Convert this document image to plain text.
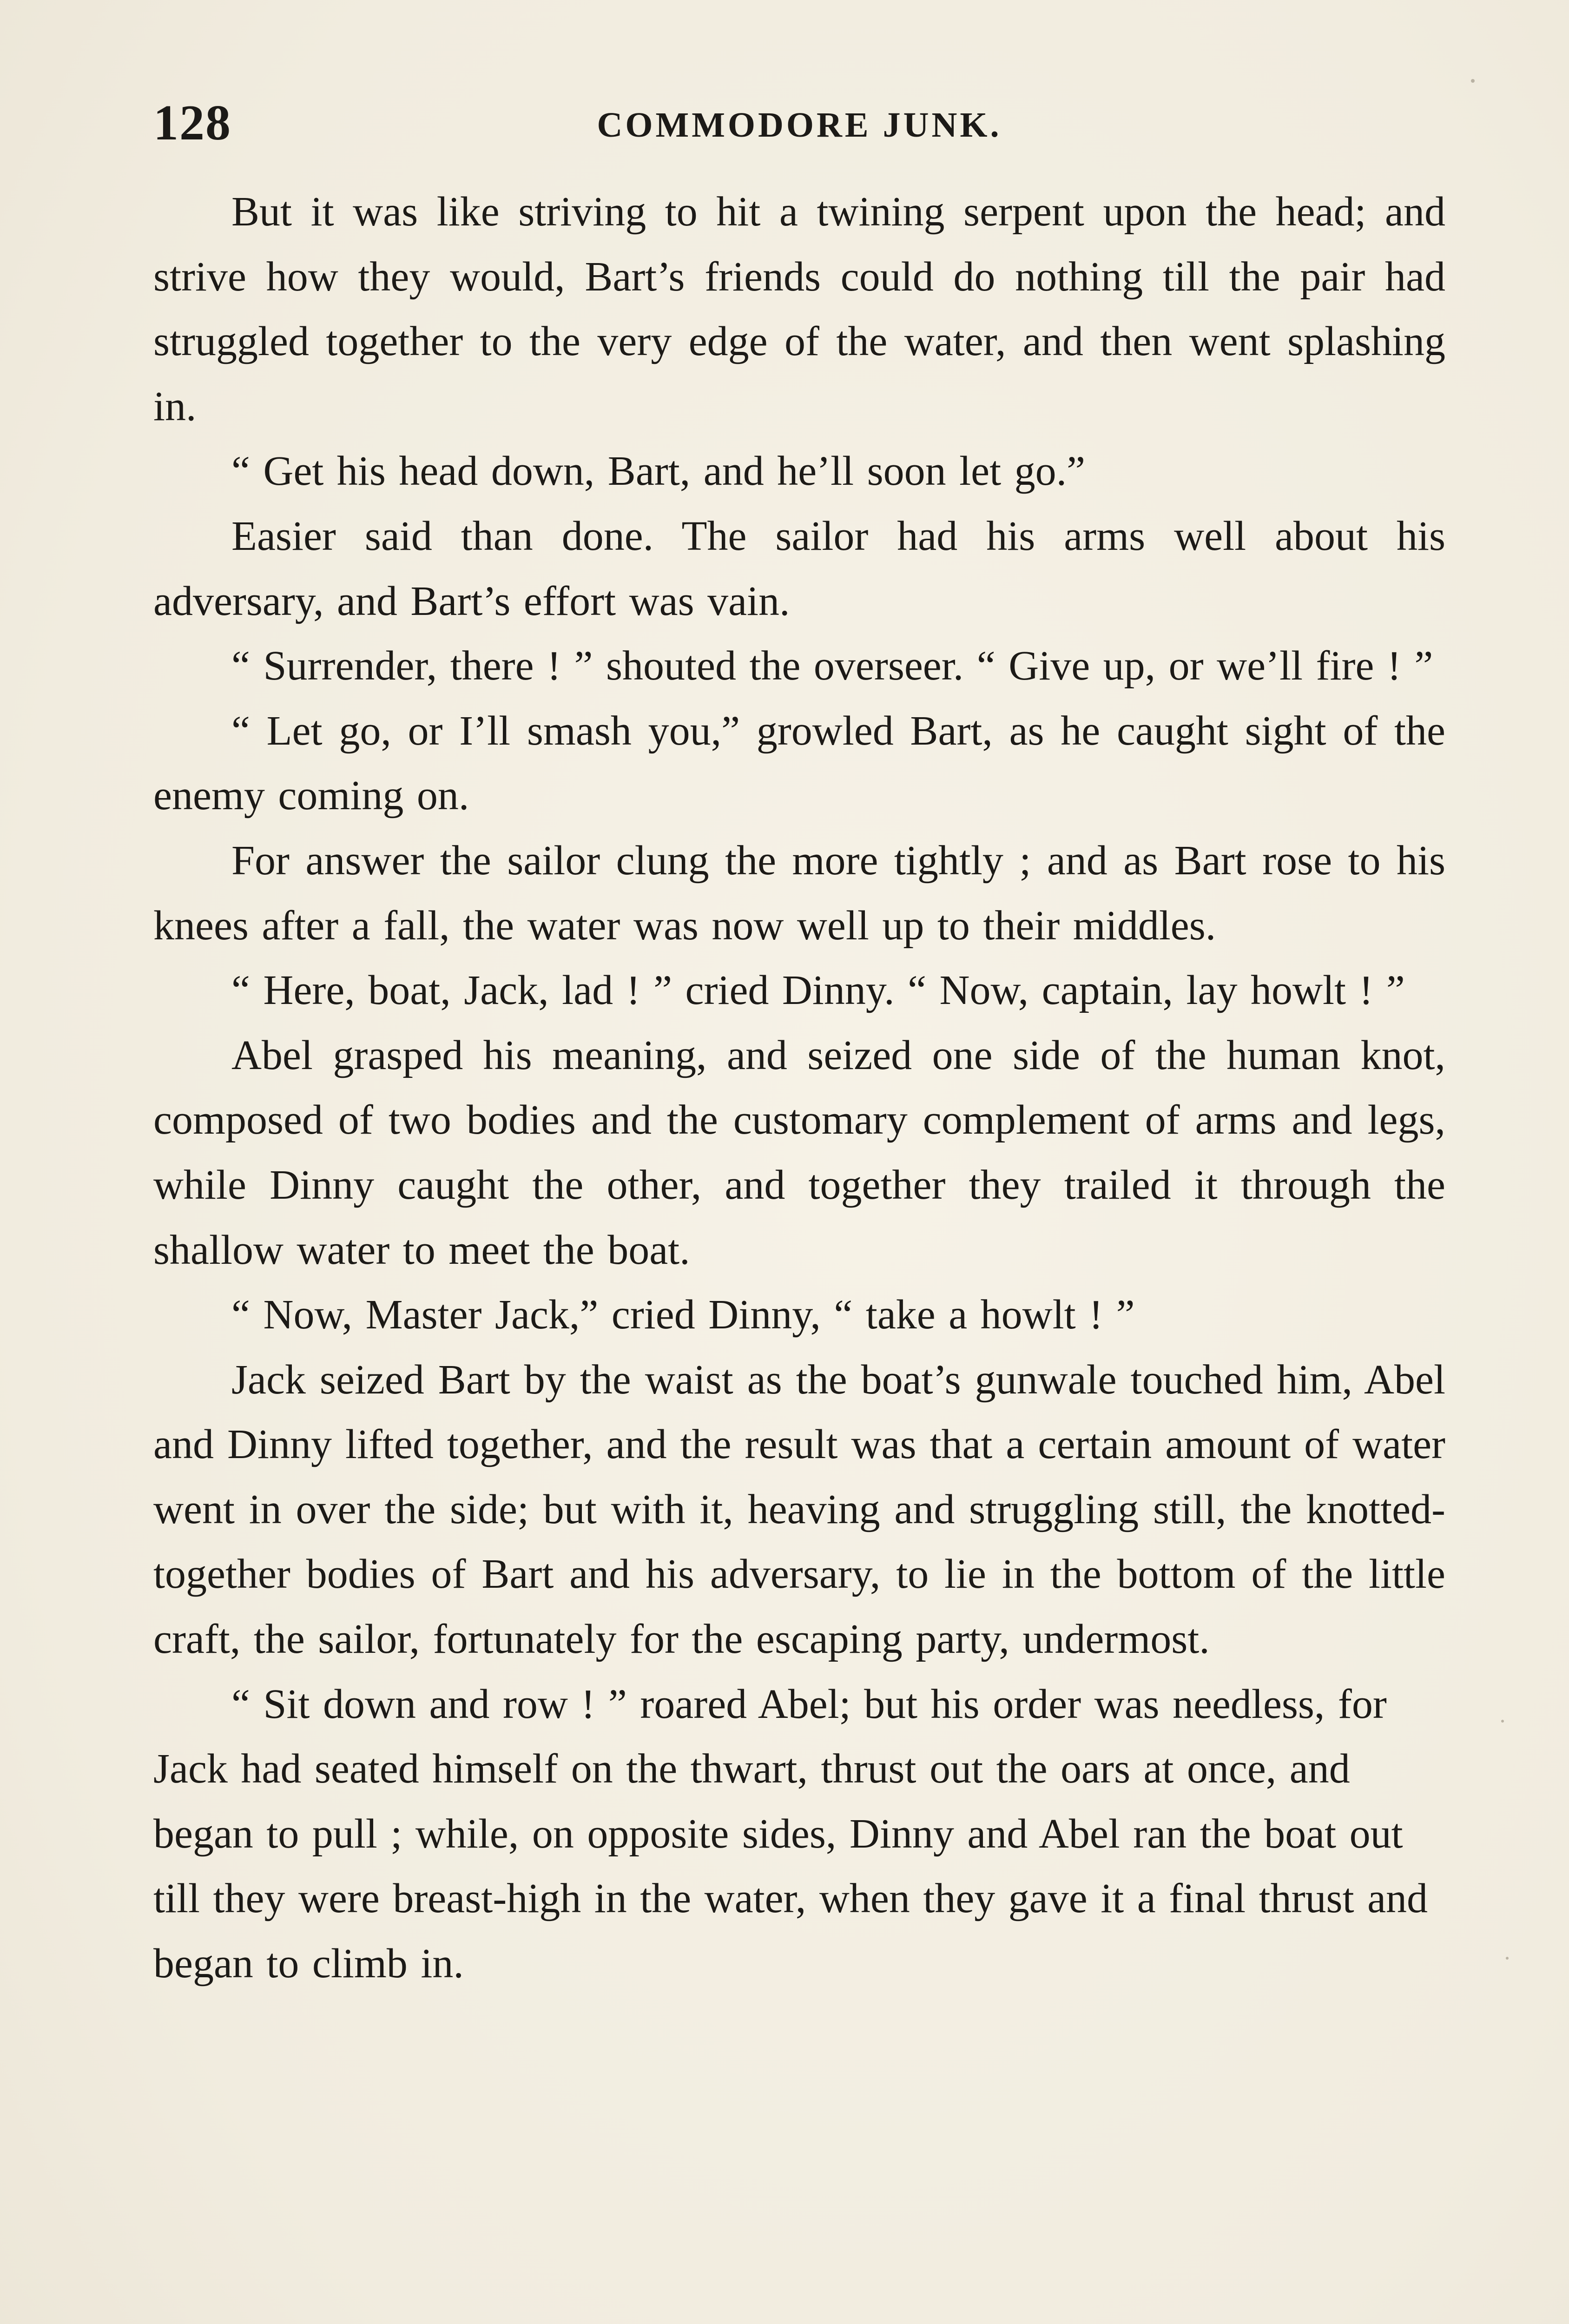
128	COMMODORE JUNK.

But it was like striving to hit a twining serpent upon the head; and strive how they would, Bart’s friends could do nothing till the pair had struggled together to the very edge of the water, and then went splashing in.

“ Get his head down, Bart, and he’ll soon let go.”

Easier said than done. The sailor had his arms well about his adversary, and Bart’s effort was vain.

“ Surrender, there ! ” shouted the overseer. “ Give up, or we’ll fire ! ”

“ Let go, or I’ll smash you,” growled Bart, as he caught sight of the enemy coming on.

For answer the sailor clung the more tightly ; and as Bart rose to his knees after a fall, the water was now well up to their middles.

“ Here, boat, Jack, lad ! ” cried Dinny. “ Now, captain, lay howlt ! ”

Abel grasped his meaning, and seized one side of the human knot, composed of two bodies and the customary complement of arms and legs, while Dinny caught the other, and together they trailed it through the shallow water to meet the boat.

“ Now, Master Jack,” cried Dinny, “ take a howlt ! ”

Jack seized Bart by the waist as the boat’s gunwale touched him, Abel and Dinny lifted together, and the result was that a certain amount of water went in over the side; but with it, heaving and struggling still, the knotted-together bodies of Bart and his adversary, to lie in the bottom of the little craft, the sailor, fortunately for the escaping party, undermost.

“ Sit down and row ! ” roared Abel; but his order was needless, for Jack had seated himself on the thwart, thrust out the oars at once, and began to pull ; while, on opposite sides, Dinny and Abel ran the boat out till they were breast-high in the water, when they gave it a final thrust and began to climb in.
